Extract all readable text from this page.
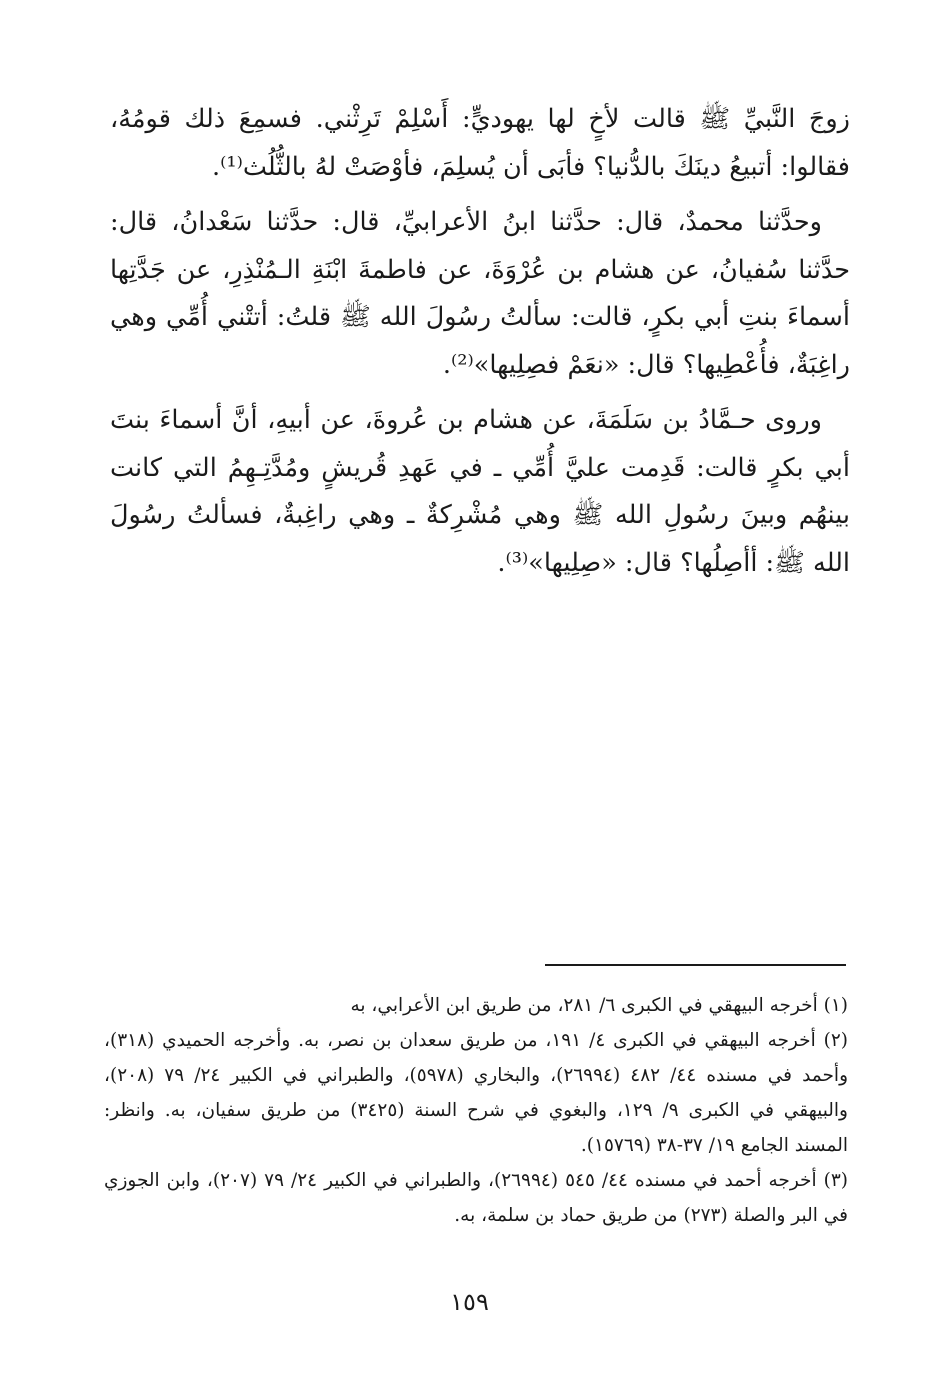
زوجَ النَّبيِّ ﷺ قالت لأخٍ لها يهوديٍّ: أَسْلِمْ تَرِثْني. فسمِعَ ذلك قومُهُ، فقالوا: أتبيعُ دينَكَ بالدُّنيا؟ فأبَى أن يُسلِمَ، فأوْصَتْ لهُ بالثُّلُث⁽¹⁾.

وحدَّثنا محمدٌ، قال: حدَّثنا ابنُ الأعرابيِّ، قال: حدَّثنا سَعْدانُ، قال: حدَّثنا سُفيانُ، عن هشام بن عُرْوَةَ، عن فاطمةَ ابْنَةِ الـمُنْذِرِ، عن جَدَّتِها أسماءَ بنتِ أبي بكرٍ، قالت: سألتُ رسُولَ الله ﷺ قلتُ: أتتْني أُمِّي وهي راغِبَةٌ، فأُعْطِيها؟ قال: «نعَمْ فصِلِيها»⁽²⁾.

وروى حـمَّادُ بن سَلَمَةَ، عن هشام بن عُروةَ، عن أبيهِ، أنَّ أسماءَ بنتَ أبي بكرٍ قالت: قَدِمت عليَّ أُمِّي ـ في عَهدِ قُريشٍ ومُدَّتِـهِمُ التي كانت بينهُم وبينَ رسُولِ الله ﷺ وهي مُشْرِكةٌ ـ وهي راغِبةٌ، فسألتُ رسُولَ الله ﷺ: أأصِلُها؟ قال: «صِلِيها»⁽³⁾.

(١) أخرجه البيهقي في الكبرى ٦/ ٢٨١، من طريق ابن الأعرابي، به

(٢) أخرجه البيهقي في الكبرى ٤/ ١٩١، من طريق سعدان بن نصر، به. وأخرجه الحميدي (٣١٨)، وأحمد في مسنده ٤٤/ ٤٨٢ (٢٦٩٩٤)، والبخاري (٥٩٧٨)، والطبراني في الكبير ٢٤/ ٧٩ (٢٠٨)، والبيهقي في الكبرى ٩/ ١٢٩، والبغوي في شرح السنة (٣٤٢٥) من طريق سفيان، به. وانظر: المسند الجامع ١٩/ ٣٧-٣٨ (١٥٧٦٩).

(٣) أخرجه أحمد في مسنده ٤٤/ ٥٤٥ (٢٦٩٩٤)، والطبراني في الكبير ٢٤/ ٧٩ (٢٠٧)، وابن الجوزي في البر والصلة (٢٧٣) من طريق حماد بن سلمة، به.

١٥٩
